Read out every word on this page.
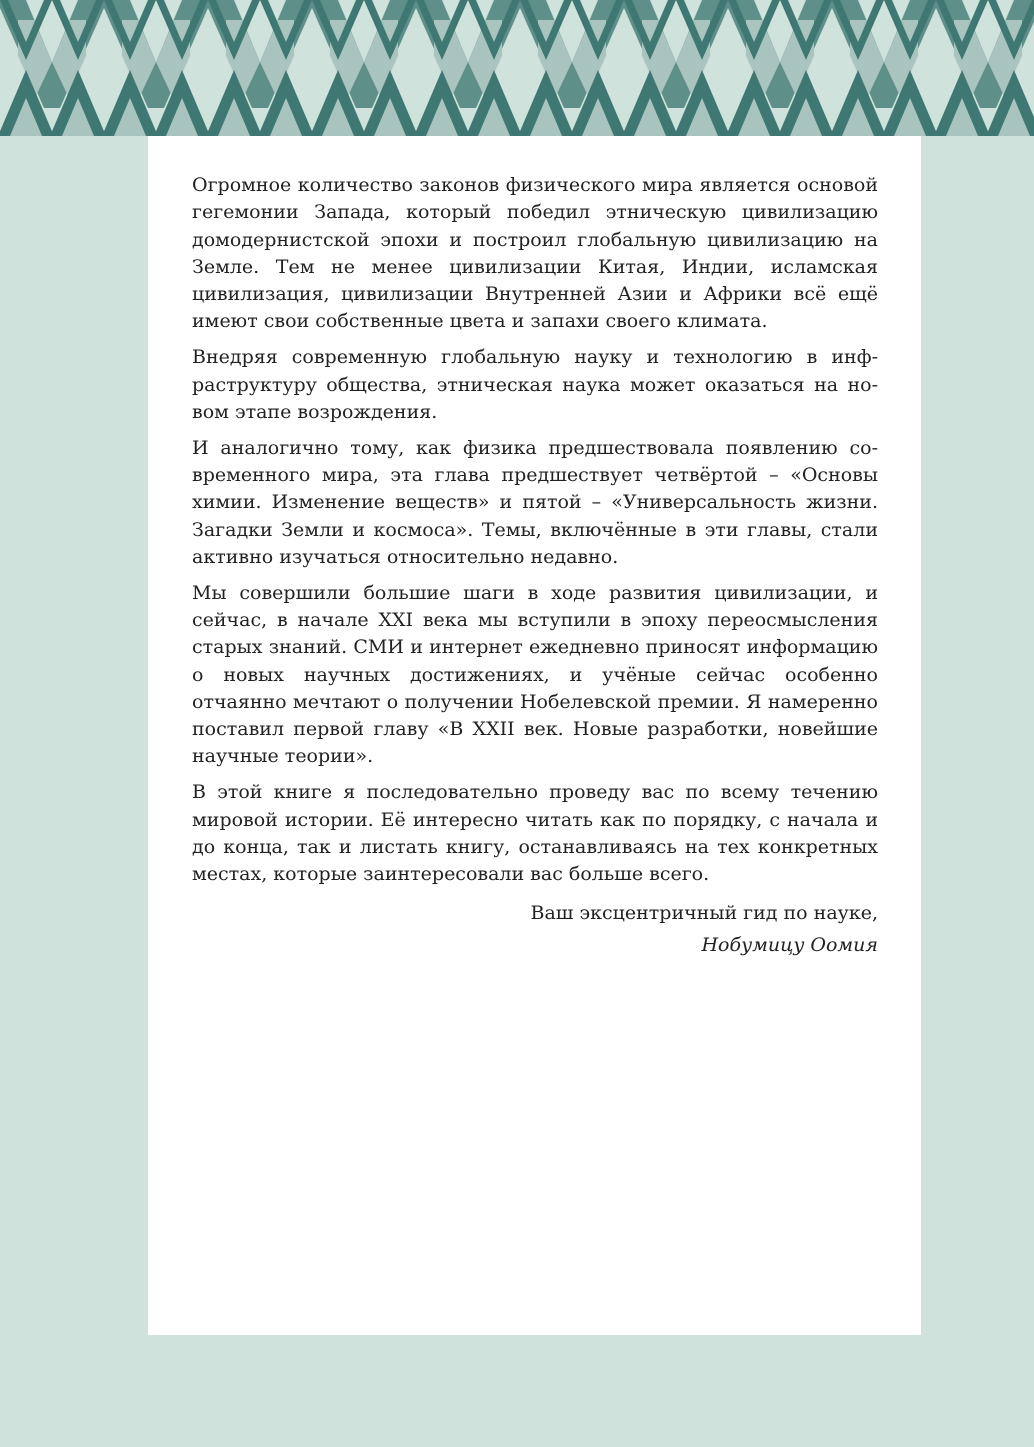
Огромное количество законов физического мира является основой гегемонии Запада, который победил этническую цивилизацию домодернистской эпохи и построил глобальную цивилизацию на Земле. Тем не менее цивилизации Китая, Индии, исламская цивилизация, цивилизации Внутренней Азии и Африки всё ещё имеют свои собственные цвета и запахи своего климата.

Внедряя современную глобальную науку и технологию в инфраструктуру общества, этническая наука может оказаться на новом этапе возрождения.

И аналогично тому, как физика предшествовала появлению современного мира, эта глава предшествует четвёртой – «Основы химии. Изменение веществ» и пятой – «Универсальность жизни. Загадки Земли и космоса». Темы, включённые в эти главы, стали активно изучаться относительно недавно.

Мы совершили большие шаги в ходе развития цивилизации, и сейчас, в начале XXI века мы вступили в эпоху переосмысления старых знаний. СМИ и интернет ежедневно приносят информацию о новых научных достижениях, и учёные сейчас особенно отчаянно мечтают о получении Нобелевской премии. Я намеренно поставил первой главу «В XXII век. Новые разработки, новейшие научные теории».

В этой книге я последовательно проведу вас по всему течению мировой истории. Её интересно читать как по порядку, с начала и до конца, так и листать книгу, останавливаясь на тех конкретных местах, которые заинтересовали вас больше всего.

Ваш эксцентричный гид по науке,
Нобумицу Оомия
